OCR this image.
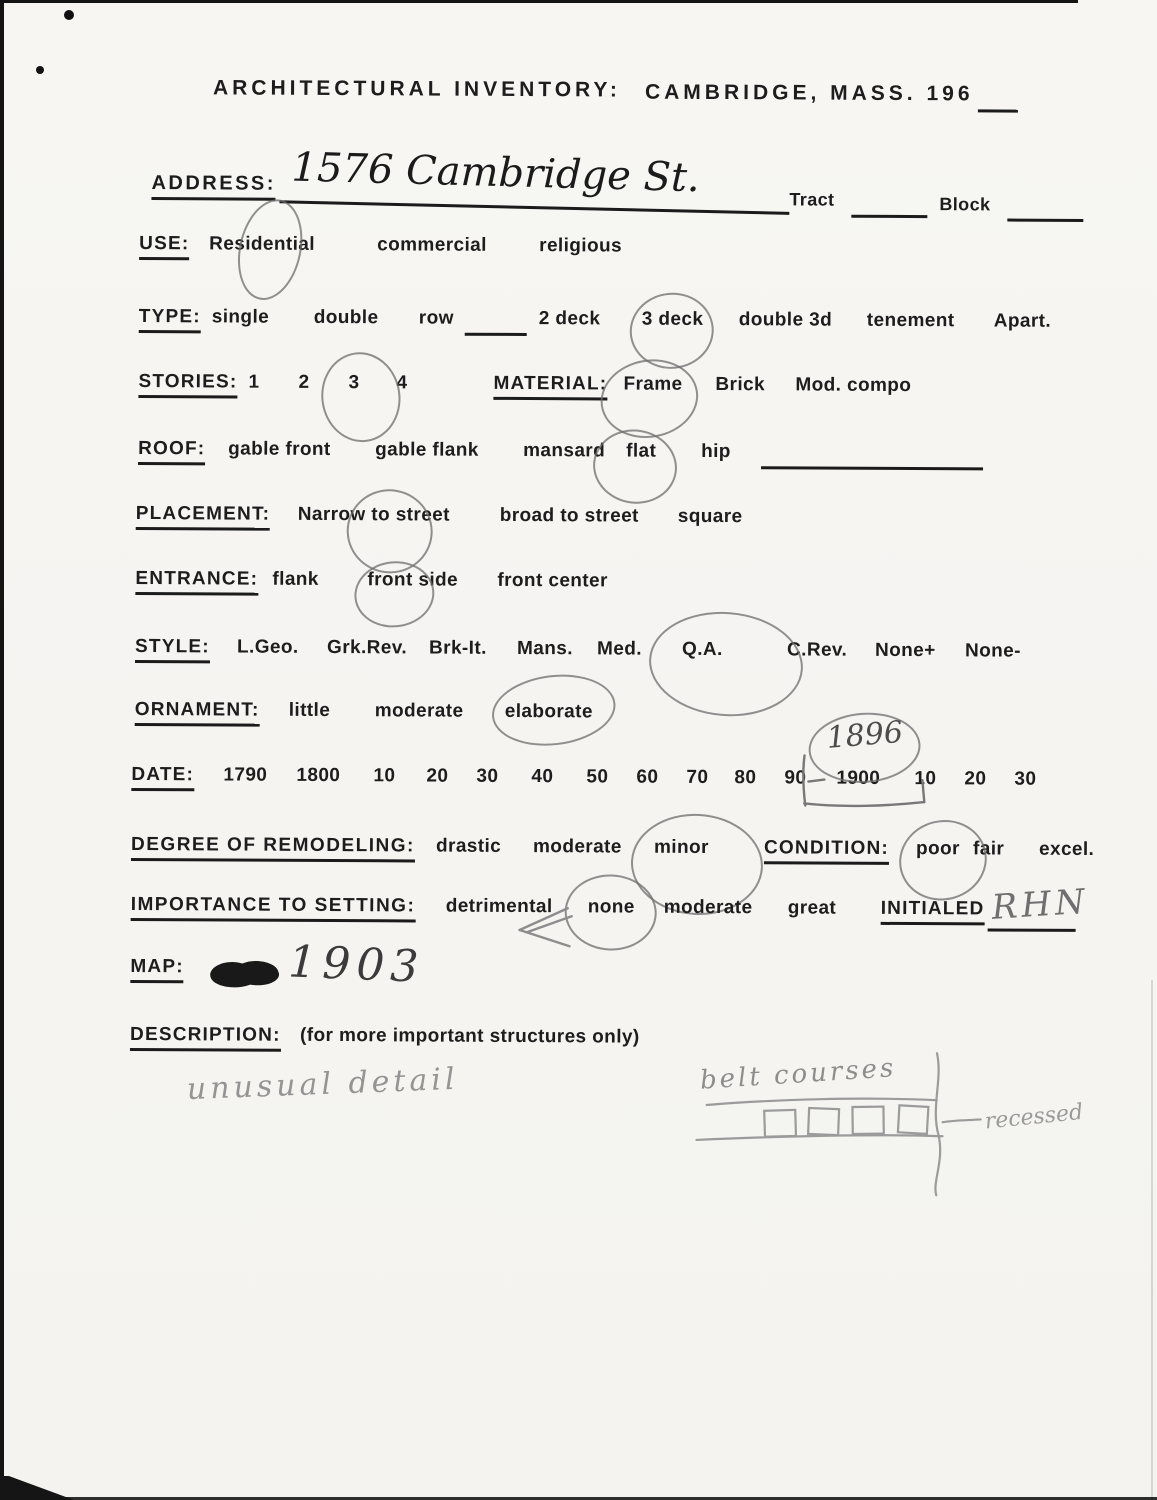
ARCHITECTURAL INVENTORY: CAMBRIDGE, MASS. 196
ADDRESS:
Tract	Block
1576 Cambridge St.
USE: Residential	commercial	religious
TYPE: single double row	2 deck 3 deck double 3d tenement Apart.
STORIES: 1 2 3 4	MATERIAL: Frame Brick Mod. compo
ROOF: gable front gable flank mansard flat hip
PLACEMENT: Narrow to street	broad to street square
ENTRANCE: flank	front side front center
STYLE: L.Geo. Grk.Rev. Brk-It. Mans. Med. Q.A.	C.Rev. None+ None-
ORNAMENT: little moderate elaborate
DATE: 1790 1800 10 20 30 40 50 60 70 80 90 1900 10 20 30
1896
DEGREE OF REMODELING: drastic moderate minor	CONDITION: poor fair excel.
IMPORTANCE TO SETTING: detrimental none moderate great INITIALED RHN
MAP: 1903
DESCRIPTION: (for more important structures only)
unusual detail	belt courses
recessed
